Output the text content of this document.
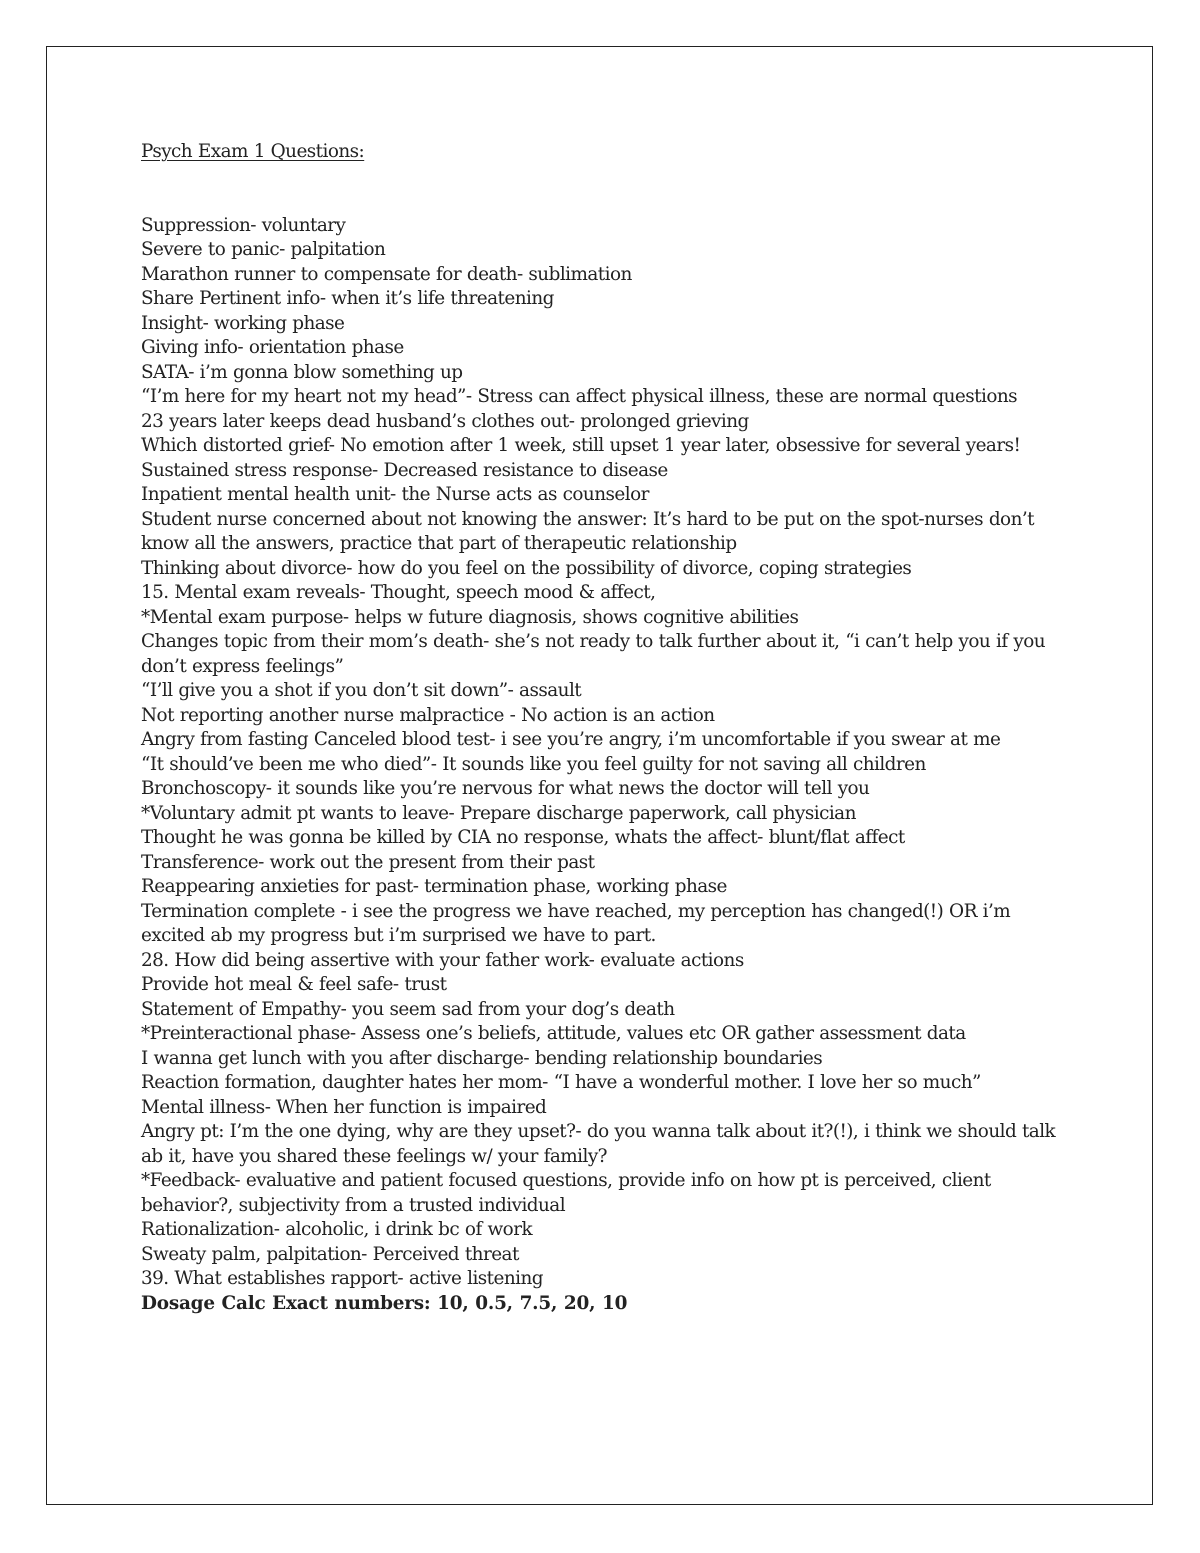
Psych Exam 1 Questions:

Suppression- voluntary

Severe to panic- palpitation

Marathon runner to compensate for death- sublimation

Share Pertinent info- when it’s life threatening

Insight- working phase

Giving info- orientation phase

SATA- i’m gonna blow something up

“I’m here for my heart not my head”- Stress can affect physical illness, these are normal questions

23 years later keeps dead husband’s clothes out- prolonged grieving

Which distorted grief- No emotion after 1 week, still upset 1 year later, obsessive for several years!

Sustained stress response- Decreased resistance to disease

Inpatient mental health unit- the Nurse acts as counselor

Student nurse concerned about not knowing the answer: It’s hard to be put on the spot-nurses don’t know all the answers, practice that part of therapeutic relationship

Thinking about divorce- how do you feel on the possibility of divorce, coping strategies

15. Mental exam reveals- Thought, speech mood & affect,

*Mental exam purpose- helps w future diagnosis, shows cognitive abilities

Changes topic from their mom’s death- she’s not ready to talk further about it, “i can’t help you if you don’t express feelings”

“I’ll give you a shot if you don’t sit down”- assault

Not reporting another nurse malpractice - No action is an action

Angry from fasting Canceled blood test- i see you’re angry, i’m uncomfortable if you swear at me

“It should’ve been me who died”- It sounds like you feel guilty for not saving all children

Bronchoscopy- it sounds like you’re nervous for what news the doctor will tell you

*Voluntary admit pt wants to leave- Prepare discharge paperwork, call physician

Thought he was gonna be killed by CIA no response, whats the affect- blunt/flat affect

Transference- work out the present from their past

Reappearing anxieties for past- termination phase, working phase

Termination complete - i see the progress we have reached, my perception has changed(!) OR i’m excited ab my progress but i’m surprised we have to part.

28. How did being assertive with your father work- evaluate actions

Provide hot meal & feel safe- trust

Statement of Empathy- you seem sad from your dog’s death

*Preinteractional phase- Assess one’s beliefs, attitude, values etc OR gather assessment data

I wanna get lunch with you after discharge- bending relationship boundaries

Reaction formation, daughter hates her mom- “I have a wonderful mother. I love her so much”

Mental illness- When her function is impaired

Angry pt: I’m the one dying, why are they upset?- do you wanna talk about it?(!), i think we should talk ab it, have you shared these feelings w/ your family?

*Feedback- evaluative and patient focused questions, provide info on how pt is perceived, client behavior?, subjectivity from a trusted individual

Rationalization- alcoholic, i drink bc of work

Sweaty palm, palpitation- Perceived threat

39. What establishes rapport- active listening

Dosage Calc Exact numbers: 10, 0.5, 7.5, 20, 10
